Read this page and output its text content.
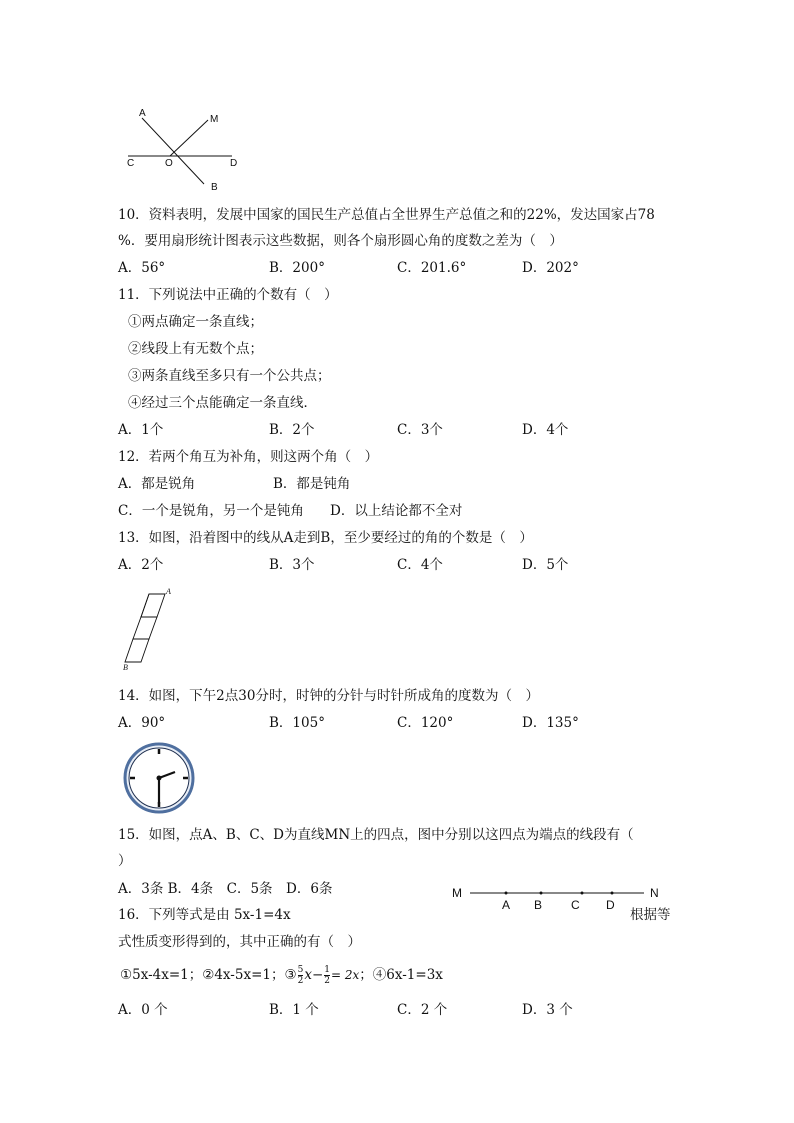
A
M
C	O	D
B
10．资料表明，发展中国家的国民生产总值占全世界生产总值之和的22%，发达国家占78
%．要用扇形统计图表示这些数据，则各个扇形圆心角的度数之差为（　）
A．56°	B．200°	C．201.6°	D．202°
11．下列说法中正确的个数有（　）
①两点确定一条直线；
②线段上有无数个点；
③两条直线至多只有一个公共点；
④经过三个点能确定一条直线．
A．1个	B．2个	C．3个	D．4个
12．若两个角互为补角，则这两个角（　）
A．都是锐角	B．都是钝角
C．一个是锐角，另一个是钝角 D．以上结论都不全对
13．如图，沿着图中的线从A走到B，至少要经过的角的个数是（　）
A．2个	B．3个	C．4个	D．5个
A
B
14．如图，下午2点30分时，时钟的分针与时针所成角的度数为（　）
A．90°	B．105°	C．120°	D．135°
15．如图，点A、B、C、D为直线MN上的四点，图中分别以这四点为端点的线段有（
）
A．3条 B．4条　C．5条　D．6条	M	N
A B C D
16．下列等式是由 5x-1=4x	根据等
式性质变形得到的，其中正确的有（　）
①5x-4x=1；②4x-5x=1；③ $\frac{5}{2} x- \frac{1}{2} = 2x$；④6x-1=3x
A．0 个	B．1 个	C．2 个	D．3 个
